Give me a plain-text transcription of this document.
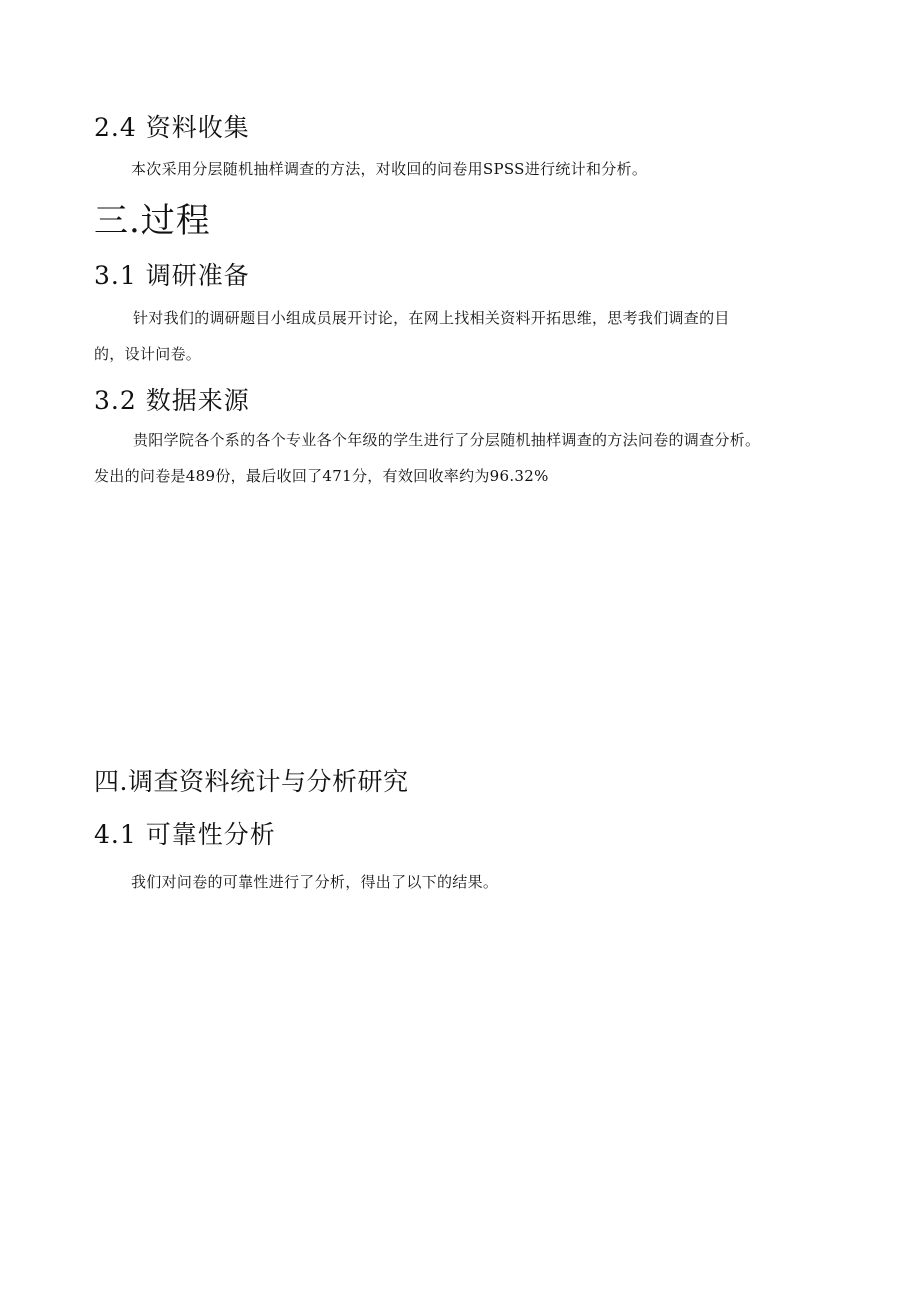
2.4 资料收集

本次采用分层随机抽样调查的方法，对收回的问卷用SPSS进行统计和分析。

三.过程
3.1 调研准备

针对我们的调研题目小组成员展开讨论，在网上找相关资料开拓思维，思考我们调查的目

的，设计问卷。

3.2 数据来源

贵阳学院各个系的各个专业各个年级的学生进行了分层随机抽样调查的方法问卷的调查分析。

发出的问卷是489份，最后收回了471分，有效回收率约为96.32%

四.调查资料统计与分析研究
4.1 可靠性分析

我们对问卷的可靠性进行了分析，得出了以下的结果。
